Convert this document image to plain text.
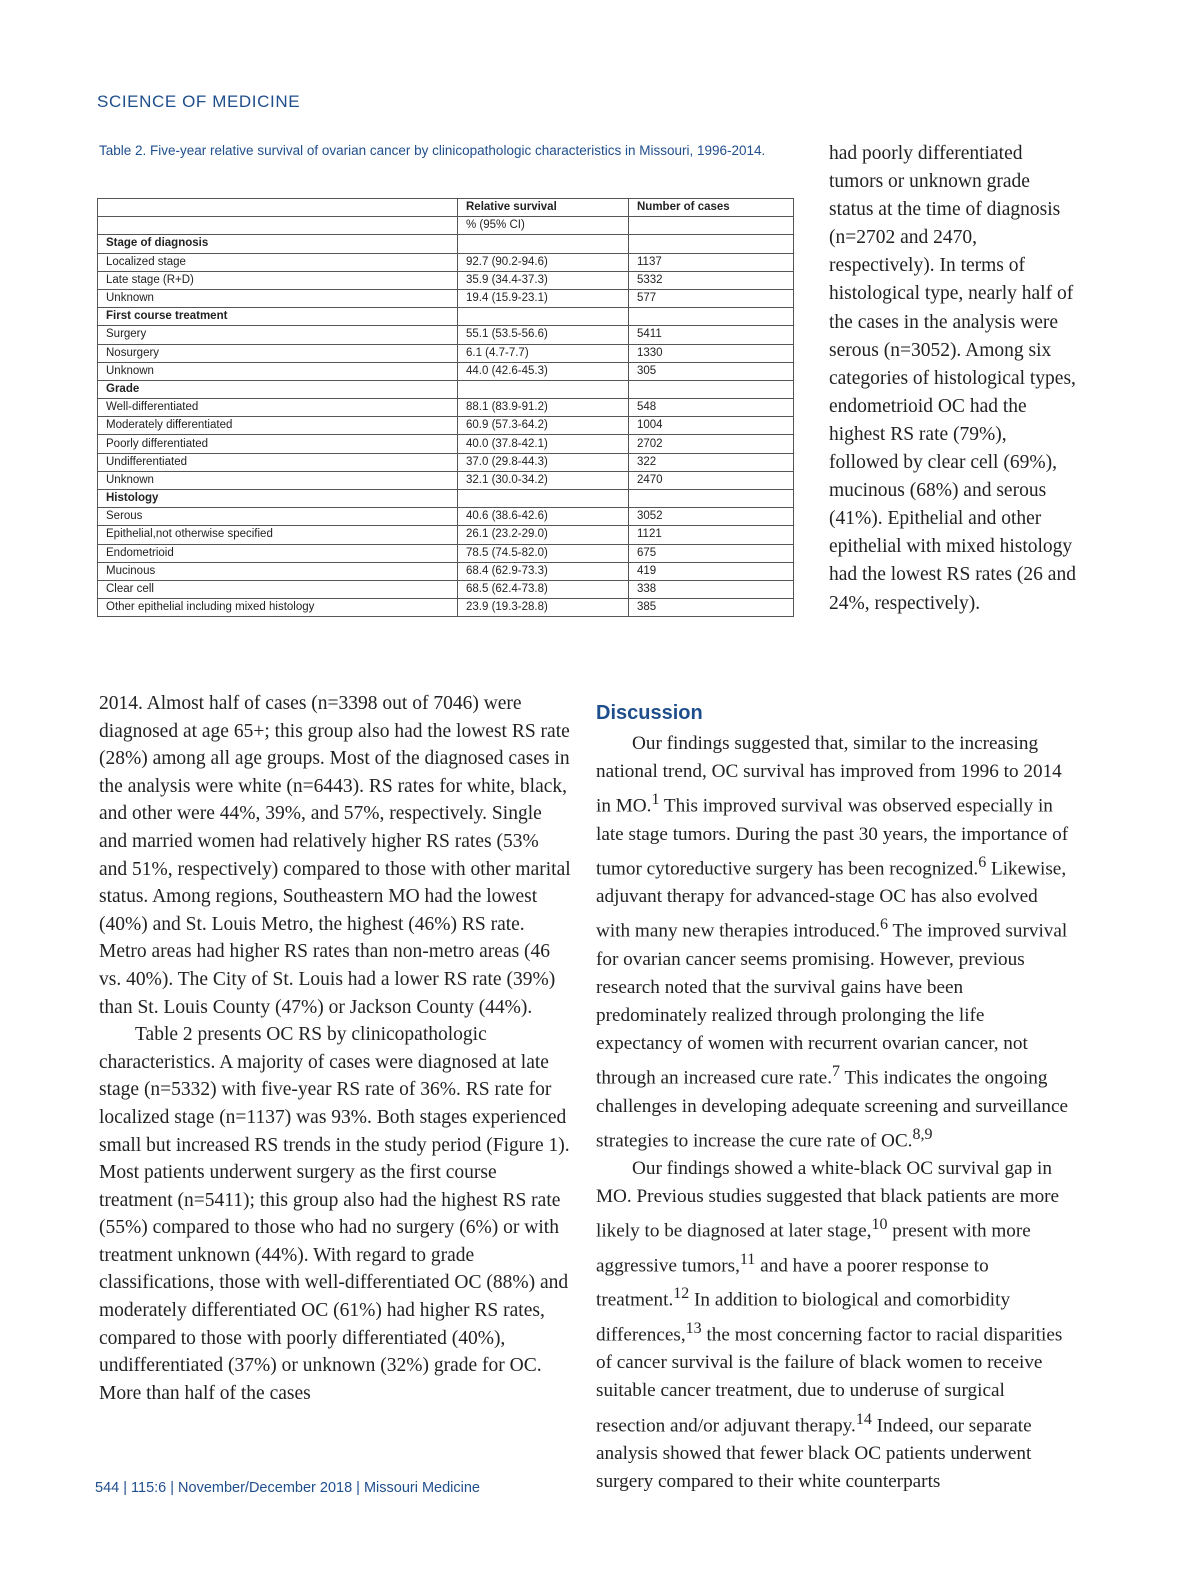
SCIENCE OF MEDICINE
Table 2. Five-year relative survival of ovarian cancer by clinicopathologic characteristics in Missouri, 1996-2014.
	Relative survival	Number of cases
	% (95% CI)	
Stage of diagnosis		
Localized stage	92.7 (90.2-94.6)	1137
Late stage (R+D)	35.9 (34.4-37.3)	5332
Unknown	19.4 (15.9-23.1)	577
First course treatment		
Surgery	55.1 (53.5-56.6)	5411
Nosurgery	6.1 (4.7-7.7)	1330
Unknown	44.0 (42.6-45.3)	305
Grade		
Well-differentiated	88.1 (83.9-91.2)	548
Moderately differentiated	60.9 (57.3-64.2)	1004
Poorly differentiated	40.0 (37.8-42.1)	2702
Undifferentiated	37.0 (29.8-44.3)	322
Unknown	32.1 (30.0-34.2)	2470
Histology		
Serous	40.6 (38.6-42.6)	3052
Epithelial,not otherwise specified	26.1 (23.2-29.0)	1121
Endometrioid	78.5 (74.5-82.0)	675
Mucinous	68.4 (62.9-73.3)	419
Clear cell	68.5 (62.4-73.8)	338
Other epithelial including mixed histology	23.9 (19.3-28.8)	385
had poorly differentiated tumors or unknown grade status at the time of diagnosis (n=2702 and 2470, respectively). In terms of histological type, nearly half of the cases in the analysis were serous (n=3052). Among six categories of histological types, endometrioid OC had the highest RS rate (79%), followed by clear cell (69%), mucinous (68%) and serous (41%). Epithelial and other epithelial with mixed histology had the lowest RS rates (26 and 24%, respectively).

2014. Almost half of cases (n=3398 out of 7046) were diagnosed at age 65+; this group also had the lowest RS rate (28%) among all age groups. Most of the diagnosed cases in the analysis were white (n=6443). RS rates for white, black, and other were 44%, 39%, and 57%, respectively. Single and married women had relatively higher RS rates (53% and 51%, respectively) compared to those with other marital status. Among regions, Southeastern MO had the lowest (40%) and St. Louis Metro, the highest (46%) RS rate. Metro areas had higher RS rates than non-metro areas (46 vs. 40%). The City of St. Louis had a lower RS rate (39%) than St. Louis County (47%) or Jackson County (44%).

Table 2 presents OC RS by clinicopathologic characteristics. A majority of cases were diagnosed at late stage (n=5332) with five-year RS rate of 36%. RS rate for localized stage (n=1137) was 93%. Both stages experienced small but increased RS trends in the study period (Figure 1). Most patients underwent surgery as the first course treatment (n=5411); this group also had the highest RS rate (55%) compared to those who had no surgery (6%) or with treatment unknown (44%). With regard to grade classifications, those with well-differentiated OC (88%) and moderately differentiated OC (61%) had higher RS rates, compared to those with poorly differentiated (40%), undifferentiated (37%) or unknown (32%) grade for OC. More than half of the cases

Discussion

Our findings suggested that, similar to the increasing national trend, OC survival has improved from 1996 to 2014 in MO.$^1$ This improved survival was observed especially in late stage tumors. During the past 30 years, the importance of tumor cytoreductive surgery has been recognized.$^6$ Likewise, adjuvant therapy for advanced-stage OC has also evolved with many new therapies introduced.$^6$ The improved survival for ovarian cancer seems promising. However, previous research noted that the survival gains have been predominately realized through prolonging the life expectancy of women with recurrent ovarian cancer, not through an increased cure rate.$^7$ This indicates the ongoing challenges in developing adequate screening and surveillance strategies to increase the cure rate of OC.$^{8,9}$

Our findings showed a white-black OC survival gap in MO. Previous studies suggested that black patients are more likely to be diagnosed at later stage,$^{10}$ present with more aggressive tumors,$^{11}$ and have a poorer response to treatment.$^{12}$ In addition to biological and comorbidity differences,$^{13}$ the most concerning factor to racial disparities of cancer survival is the failure of black women to receive suitable cancer treatment, due to underuse of surgical resection and/or adjuvant therapy.$^{14}$ Indeed, our separate analysis showed that fewer black OC patients underwent surgery compared to their white counterparts

544 | 115:6 | November/December 2018 | Missouri Medicine
